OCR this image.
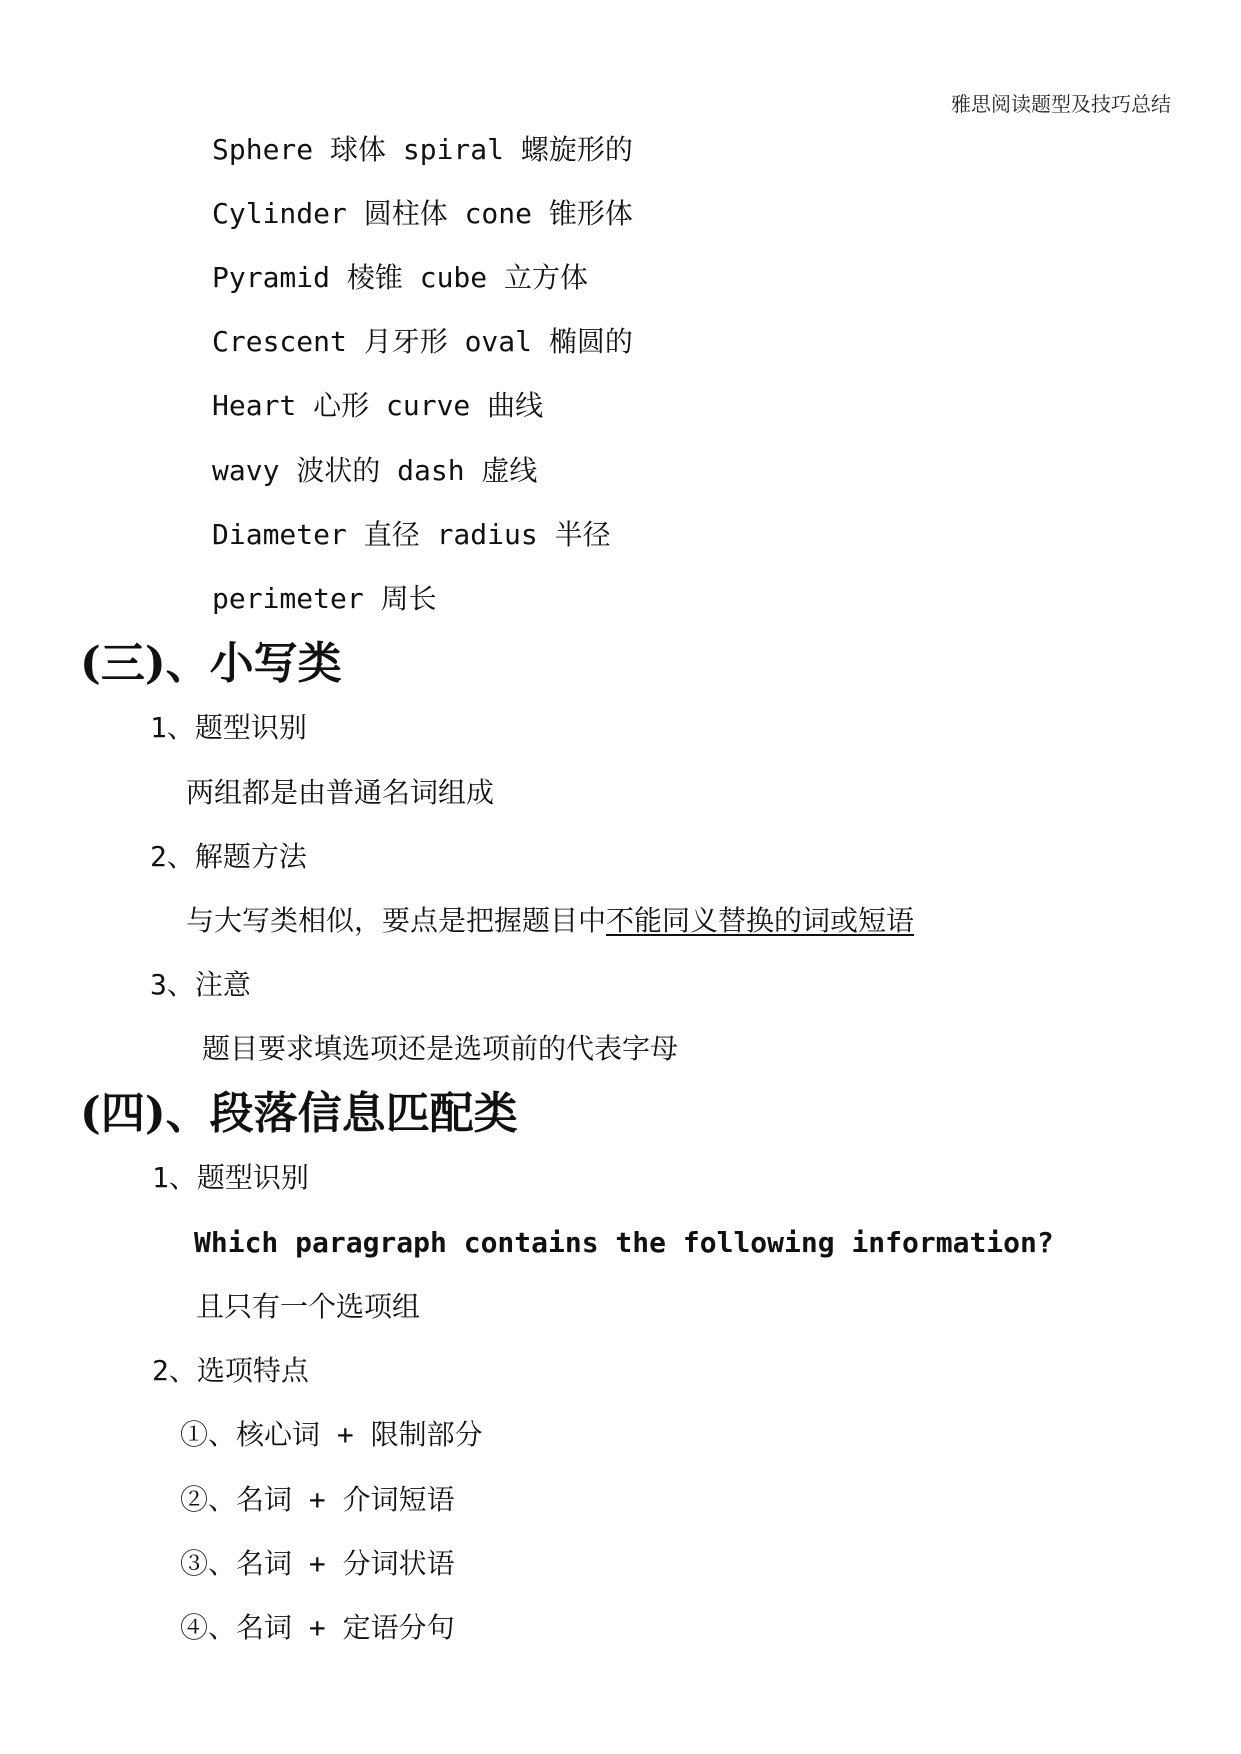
雅思阅读题型及技巧总结
Sphere 球体 spiral 螺旋形的
Cylinder 圆柱体 cone 锥形体
Pyramid 棱锥 cube 立方体
Crescent 月牙形 oval 椭圆的
Heart 心形 curve 曲线
wavy 波状的 dash 虚线
Diameter 直径 radius 半径
perimeter 周长
(三)、小写类
1、题型识别
两组都是由普通名词组成
2、解题方法
与大写类相似，要点是把握题目中不能同义替换的词或短语
3、注意
题目要求填选项还是选项前的代表字母
(四)、段落信息匹配类
1、题型识别
Which paragraph contains the following information?
且只有一个选项组
2、选项特点
①、核心词 + 限制部分
②、名词 + 介词短语
③、名词 + 分词状语
④、名词 + 定语分句
